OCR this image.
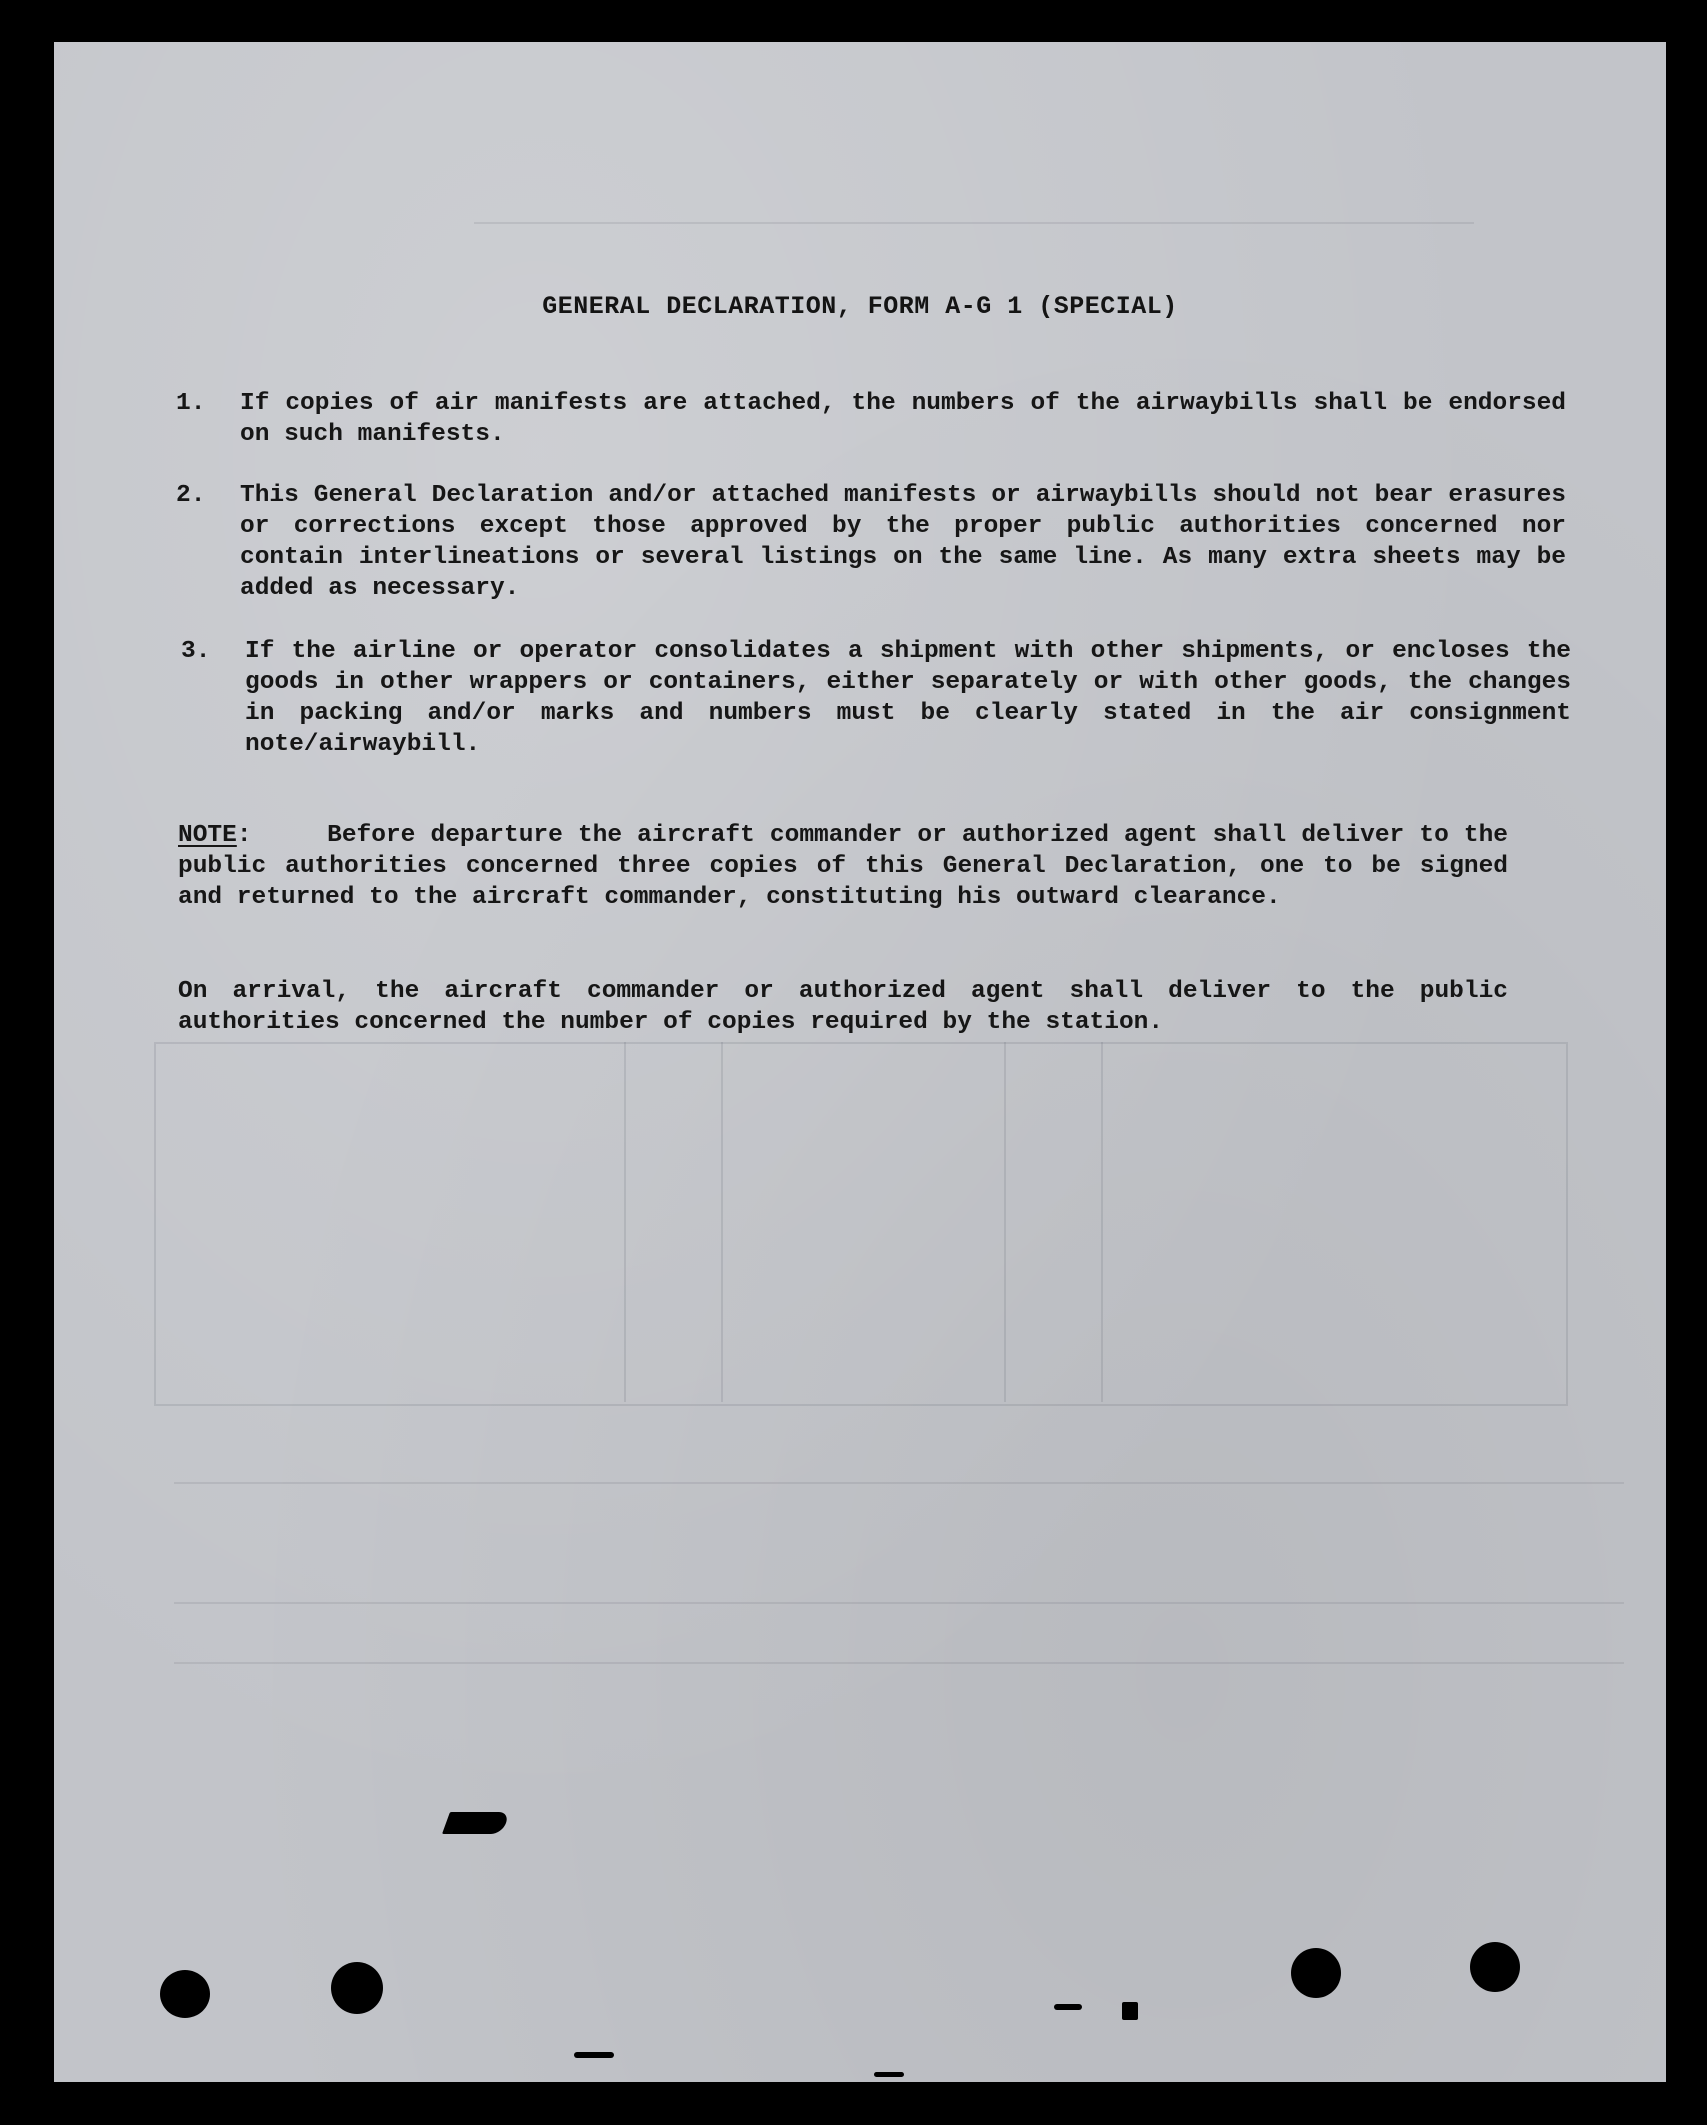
GENERAL DECLARATION, FORM A-G 1 (SPECIAL)
1. If copies of air manifests are attached, the numbers of the airwaybills shall be endorsed on such manifests.
2. This General Declaration and/or attached manifests or airwaybills should not bear erasures or corrections except those approved by the proper public authorities concerned nor contain interlineations or several listings on the same line. As many extra sheets may be added as necessary.
3. If the airline or operator consolidates a shipment with other shipments, or encloses the goods in other wrappers or containers, either separately or with other goods, the changes in packing and/or marks and numbers must be clearly stated in the air consignment note/airwaybill.
NOTE:     Before departure the aircraft commander or authorized agent shall deliver to the public authorities concerned three copies of this General Declaration, one to be signed and returned to the aircraft commander, constituting his outward clearance.
On arrival, the aircraft commander or authorized agent shall deliver to the public authorities concerned the number of copies required by the station.
